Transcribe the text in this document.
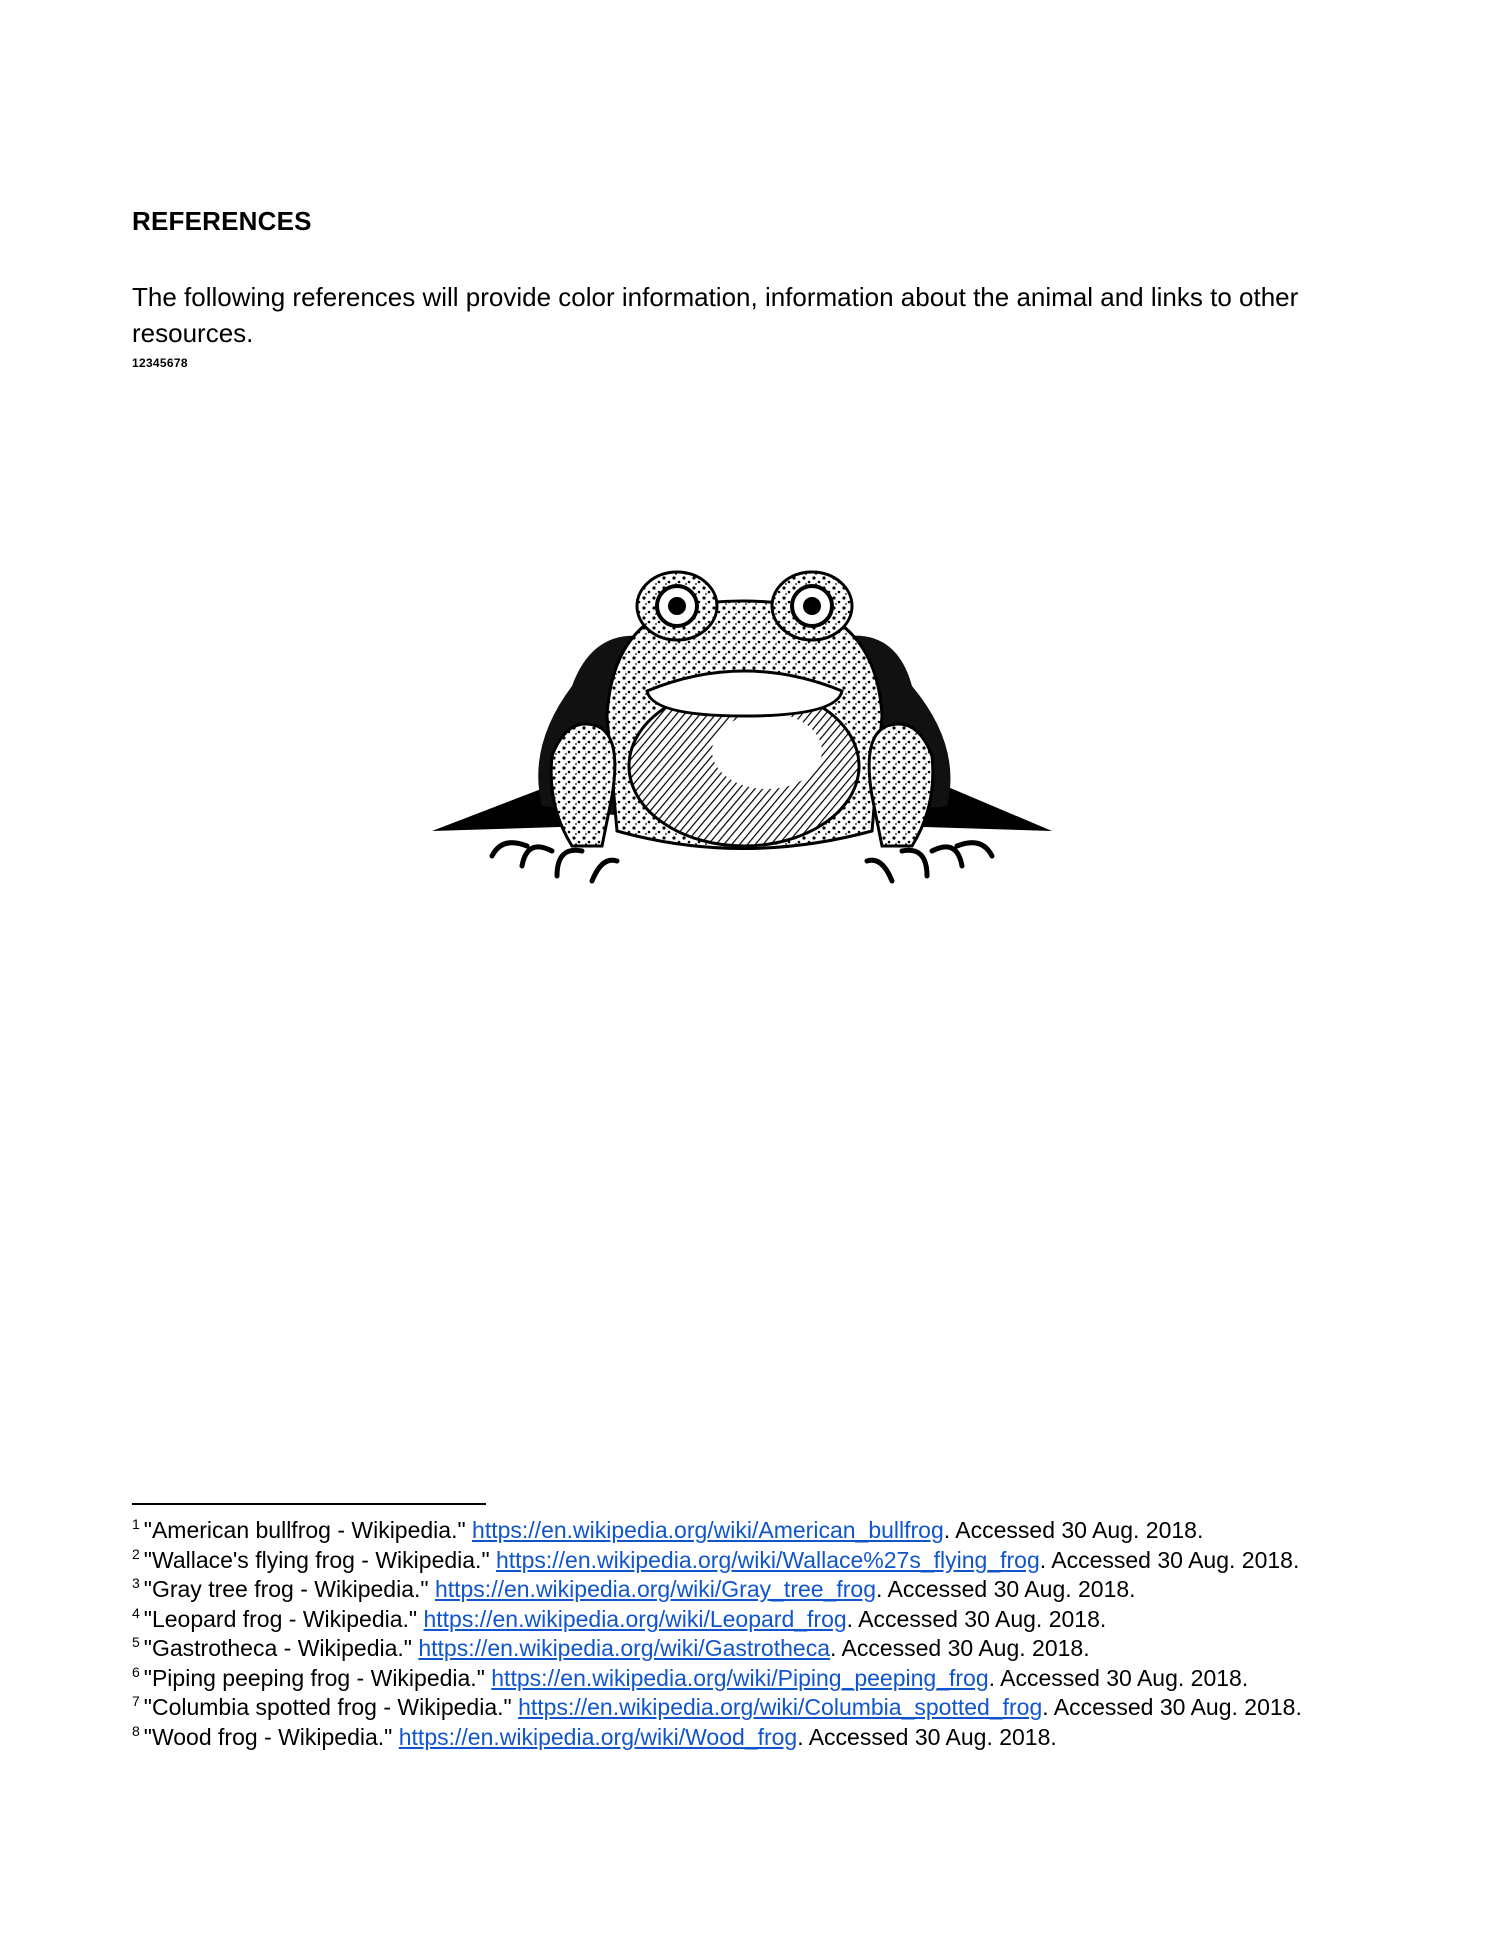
REFERENCES
The following references will provide color information, information about the animal and links to other resources.
12345678

$^1$ "American bullfrog - Wikipedia." https://en.wikipedia.org/wiki/American_bullfrog. Accessed 30 Aug. 2018.

$^2$ "Wallace's flying frog - Wikipedia." https://en.wikipedia.org/wiki/Wallace%27s_flying_frog. Accessed 30 Aug. 2018.

$^3$ "Gray tree frog - Wikipedia." https://en.wikipedia.org/wiki/Gray_tree_frog. Accessed 30 Aug. 2018.

$^4$ "Leopard frog - Wikipedia." https://en.wikipedia.org/wiki/Leopard_frog. Accessed 30 Aug. 2018.

$^5$ "Gastrotheca - Wikipedia." https://en.wikipedia.org/wiki/Gastrotheca. Accessed 30 Aug. 2018.

$^6$ "Piping peeping frog - Wikipedia." https://en.wikipedia.org/wiki/Piping_peeping_frog. Accessed 30 Aug. 2018.

$^7$ "Columbia spotted frog - Wikipedia." https://en.wikipedia.org/wiki/Columbia_spotted_frog. Accessed 30 Aug. 2018.

$^8$ "Wood frog - Wikipedia." https://en.wikipedia.org/wiki/Wood_frog. Accessed 30 Aug. 2018.
